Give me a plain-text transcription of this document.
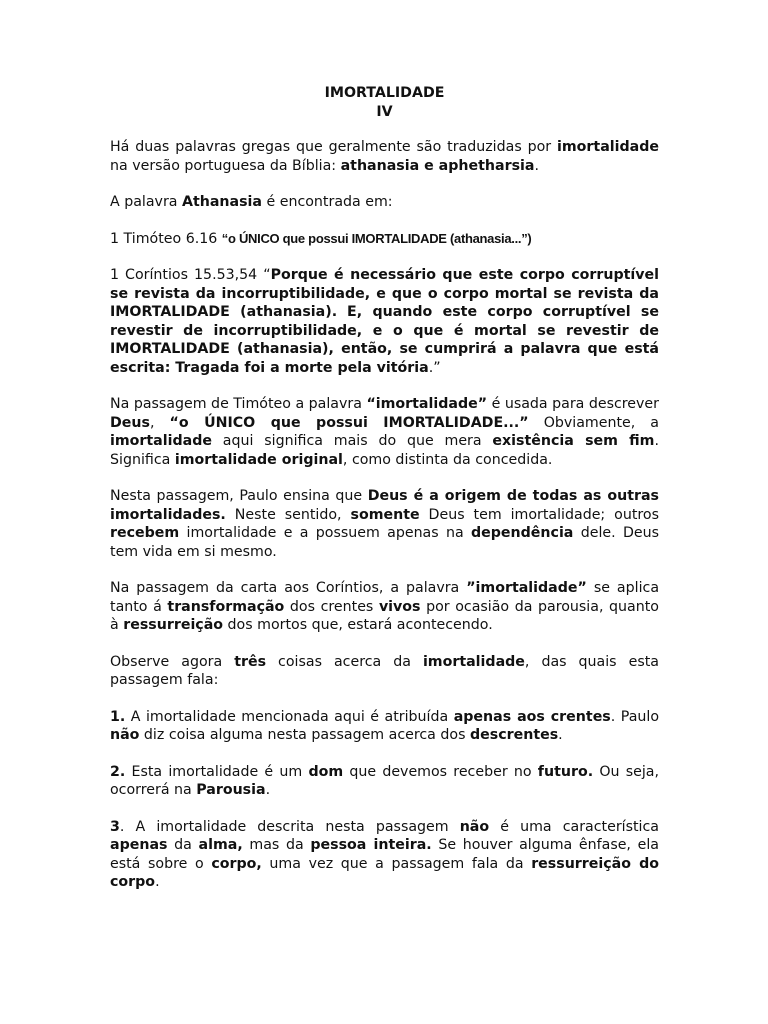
IMORTALIDADE
IV

Há duas palavras gregas que geralmente são traduzidas por imortalidade na versão portuguesa da Bíblia: athanasia e aphetharsia.

A palavra Athanasia é encontrada em:

1 Timóteo 6.16 “o ÚNICO que possui IMORTALIDADE (athanasia...”)

1 Coríntios 15.53,54 “Porque é necessário que este corpo corruptível se revista da incorruptibilidade, e que o corpo mortal se revista da IMORTALIDADE (athanasia). E, quando este corpo corruptível se revestir de incorruptibilidade, e o que é mortal se revestir de IMORTALIDADE (athanasia), então, se cumprirá a palavra que está escrita: Tragada foi a morte pela vitória.”

Na passagem de Timóteo a palavra “imortalidade” é usada para descrever Deus, “o ÚNICO que possui IMORTALIDADE...” Obviamente, a imortalidade aqui significa mais do que mera existência sem fim. Significa imortalidade original, como distinta da concedida.

Nesta passagem, Paulo ensina que Deus é a origem de todas as outras imortalidades. Neste sentido, somente Deus tem imortalidade; outros recebem imortalidade e a possuem apenas na dependência dele. Deus tem vida em si mesmo.

Na passagem da carta aos Coríntios, a palavra ”imortalidade” se aplica tanto á transformação dos crentes vivos por ocasião da parousia, quanto à ressurreição dos mortos que, estará acontecendo.

Observe agora três coisas acerca da imortalidade, das quais esta passagem fala:

1. A imortalidade mencionada aqui é atribuída apenas aos crentes. Paulo não diz coisa alguma nesta passagem acerca dos descrentes.

2. Esta imortalidade é um dom que devemos receber no futuro. Ou seja, ocorrerá na Parousia.

3. A imortalidade descrita nesta passagem não é uma característica apenas da alma, mas da pessoa inteira. Se houver alguma ênfase, ela está sobre o corpo, uma vez que a passagem fala da ressurreição do corpo.
